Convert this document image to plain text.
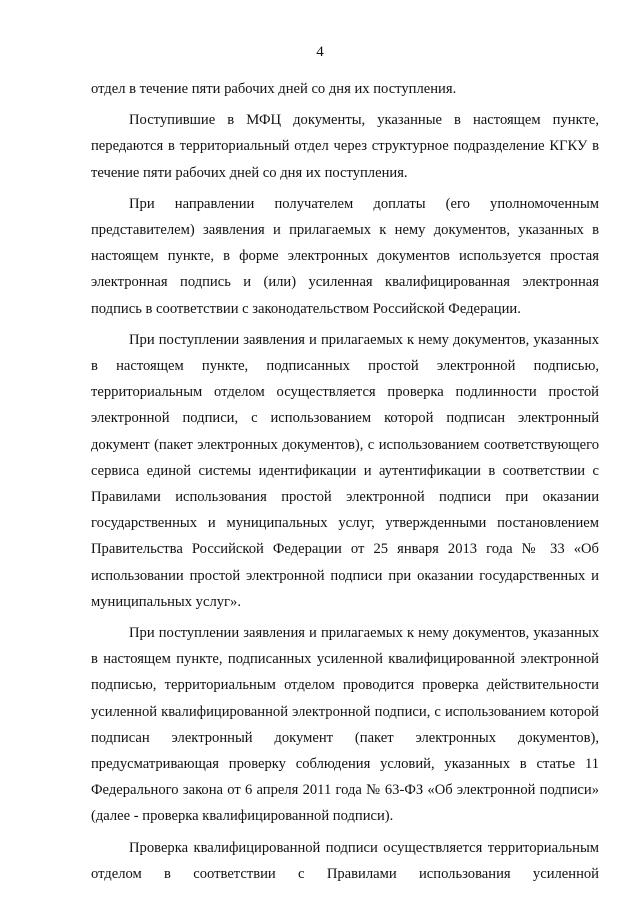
4

отдел в течение пяти рабочих дней со дня их поступления.

Поступившие в МФЦ документы, указанные в настоящем пункте, передаются в территориальный отдел через структурное подразделение КГКУ в течение пяти рабочих дней со дня их поступления.

При направлении получателем доплаты (его уполномоченным представителем) заявления и прилагаемых к нему документов, указанных в настоящем пункте, в форме электронных документов используется простая электронная подпись и (или) усиленная квалифицированная электронная подпись в соответствии с законодательством Российской Федерации.

При поступлении заявления и прилагаемых к нему документов, указанных в настоящем пункте, подписанных простой электронной подписью, территориальным отделом осуществляется проверка подлинности простой электронной подписи, с использованием которой подписан электронный документ (пакет электронных документов), с использованием соответствующего сервиса единой системы идентификации и аутентификации в соответствии с Правилами использования простой электронной подписи при оказании государственных и муниципальных услуг, утвержденными постановлением Правительства Российской Федерации от 25 января 2013 года № 33 «Об использовании простой электронной подписи при оказании государственных и муниципальных услуг».

При поступлении заявления и прилагаемых к нему документов, указанных в настоящем пункте, подписанных усиленной квалифицированной электронной подписью, территориальным отделом проводится проверка действительности усиленной квалифицированной электронной подписи, с использованием которой подписан электронный документ (пакет электронных документов), предусматривающая проверку соблюдения условий, указанных в статье 11 Федерального закона от 6 апреля 2011 года № 63-ФЗ «Об электронной подписи» (далее - проверка квалифицированной подписи).

Проверка квалифицированной подписи осуществляется территориальным отделом в соответствии с Правилами использования усиленной
